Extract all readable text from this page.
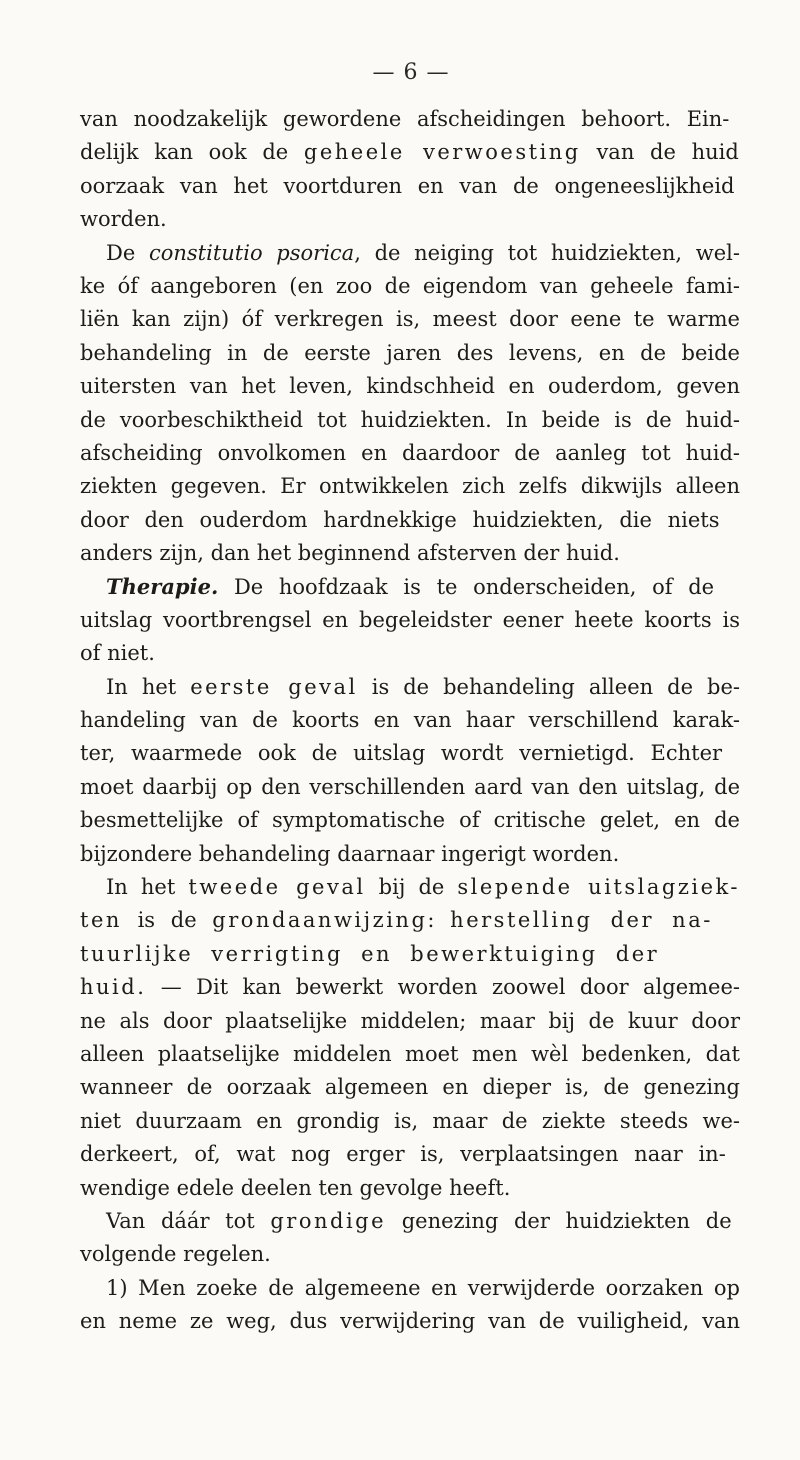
— 6 —
van noodzakelijk gewordene afscheidingen behoort. Ein-
delijk kan ook de geheele verwoesting van de huid
oorzaak van het voortduren en van de ongeneeslijkheid
worden.
De constitutio psorica, de neiging tot huidziekten, wel-
ke óf aangeboren (en zoo de eigendom van geheele fami-
liën kan zijn) óf verkregen is, meest door eene te warme
behandeling in de eerste jaren des levens, en de beide
uitersten van het leven, kindschheid en ouderdom, geven
de voorbeschiktheid tot huidziekten. In beide is de huid-
afscheiding onvolkomen en daardoor de aanleg tot huid-
ziekten gegeven. Er ontwikkelen zich zelfs dikwijls alleen
door den ouderdom hardnekkige huidziekten, die niets
anders zijn, dan het beginnend afsterven der huid.
Therapie. De hoofdzaak is te onderscheiden, of de
uitslag voortbrengsel en begeleidster eener heete koorts is
of niet.
In het eerste geval is de behandeling alleen de be-
handeling van de koorts en van haar verschillend karak-
ter, waarmede ook de uitslag wordt vernietigd. Echter
moet daarbij op den verschillenden aard van den uitslag, de
besmettelijke of symptomatische of critische gelet, en de
bijzondere behandeling daarnaar ingerigt worden.
In het tweede geval bij de slepende uitslagziek-
ten is de grondaanwijzing: herstelling der na-
tuurlijke verrigting en bewerktuiging der
huid. — Dit kan bewerkt worden zoowel door algemee-
ne als door plaatselijke middelen; maar bij de kuur door
alleen plaatselijke middelen moet men wèl bedenken, dat
wanneer de oorzaak algemeen en dieper is, de genezing
niet duurzaam en grondig is, maar de ziekte steeds we-
derkeert, of, wat nog erger is, verplaatsingen naar in-
wendige edele deelen ten gevolge heeft.
Van dáár tot grondige genezing der huidziekten de
volgende regelen.
1) Men zoeke de algemeene en verwijderde oorzaken op
en neme ze weg, dus verwijdering van de vuiligheid, van
